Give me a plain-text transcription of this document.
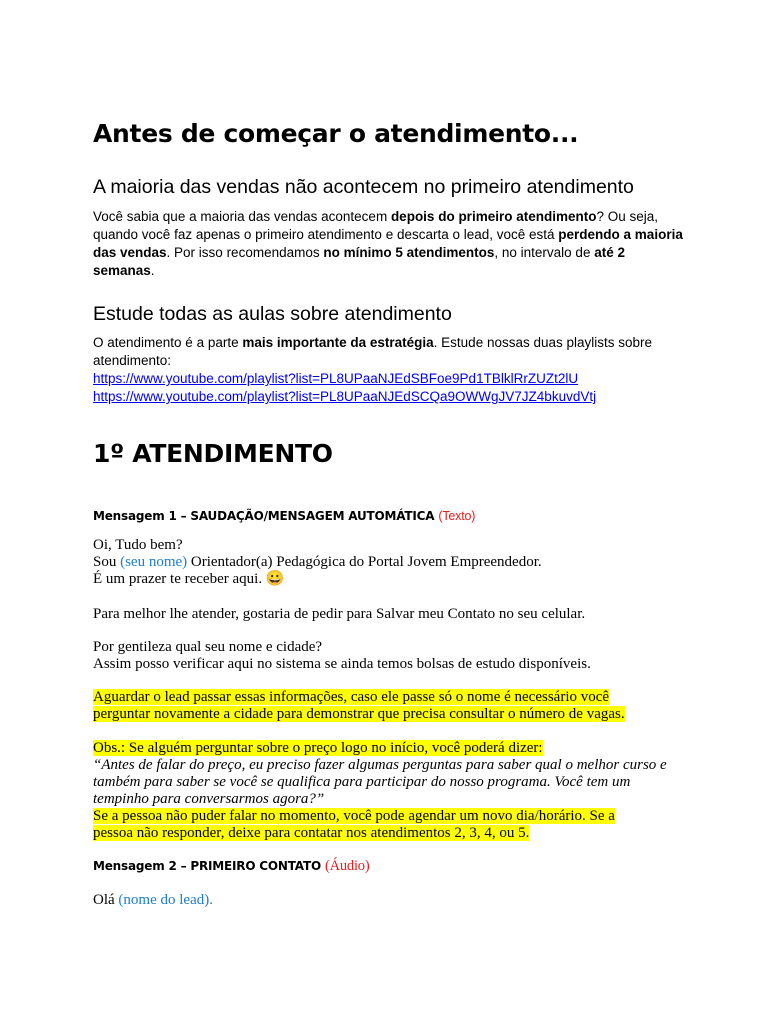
Antes de começar o atendimento...
A maioria das vendas não acontecem no primeiro atendimento

Você sabia que a maioria das vendas acontecem depois do primeiro atendimento? Ou seja, quando você faz apenas o primeiro atendimento e descarta o lead, você está perdendo a maioria das vendas. Por isso recomendamos no mínimo 5 atendimentos, no intervalo de até 2 semanas.

Estude todas as aulas sobre atendimento

O atendimento é a parte mais importante da estratégia. Estude nossas duas playlists sobre atendimento:

https://www.youtube.com/playlist?list=PL8UPaaNJEdSBFoe9Pd1TBlklRrZUZt2lU
https://www.youtube.com/playlist?list=PL8UPaaNJEdSCQa9OWWgJV7JZ4bkuvdVtj
1º ATENDIMENTO

Mensagem 1 – SAUDAÇÃO/MENSAGEM AUTOMÁTICA (Texto)

Oi, Tudo bem?
Sou (seu nome) Orientador(a) Pedagógica do Portal Jovem Empreendedor.
É um prazer te receber aqui. 😀

Para melhor lhe atender, gostaria de pedir para Salvar meu Contato no seu celular.

Por gentileza qual seu nome e cidade?
Assim posso verificar aqui no sistema se ainda temos bolsas de estudo disponíveis.
Aguardar o lead passar essas informações, caso ele passe só o nome é necessário você
perguntar novamente a cidade para demonstrar que precisa consultar o número de vagas.
Obs.: Se alguém perguntar sobre o preço logo no início, você poderá dizer:
“Antes de falar do preço, eu preciso fazer algumas perguntas para saber qual o melhor curso e também para saber se você se qualifica para participar do nosso programa. Você tem um tempinho para conversarmos agora?”
Se a pessoa não puder falar no momento, você pode agendar um novo dia/horário. Se a
pessoa não responder, deixe para contatar nos atendimentos 2, 3, 4, ou 5.

Mensagem 2 – PRIMEIRO CONTATO (Áudio)

Olá (nome do lead).
